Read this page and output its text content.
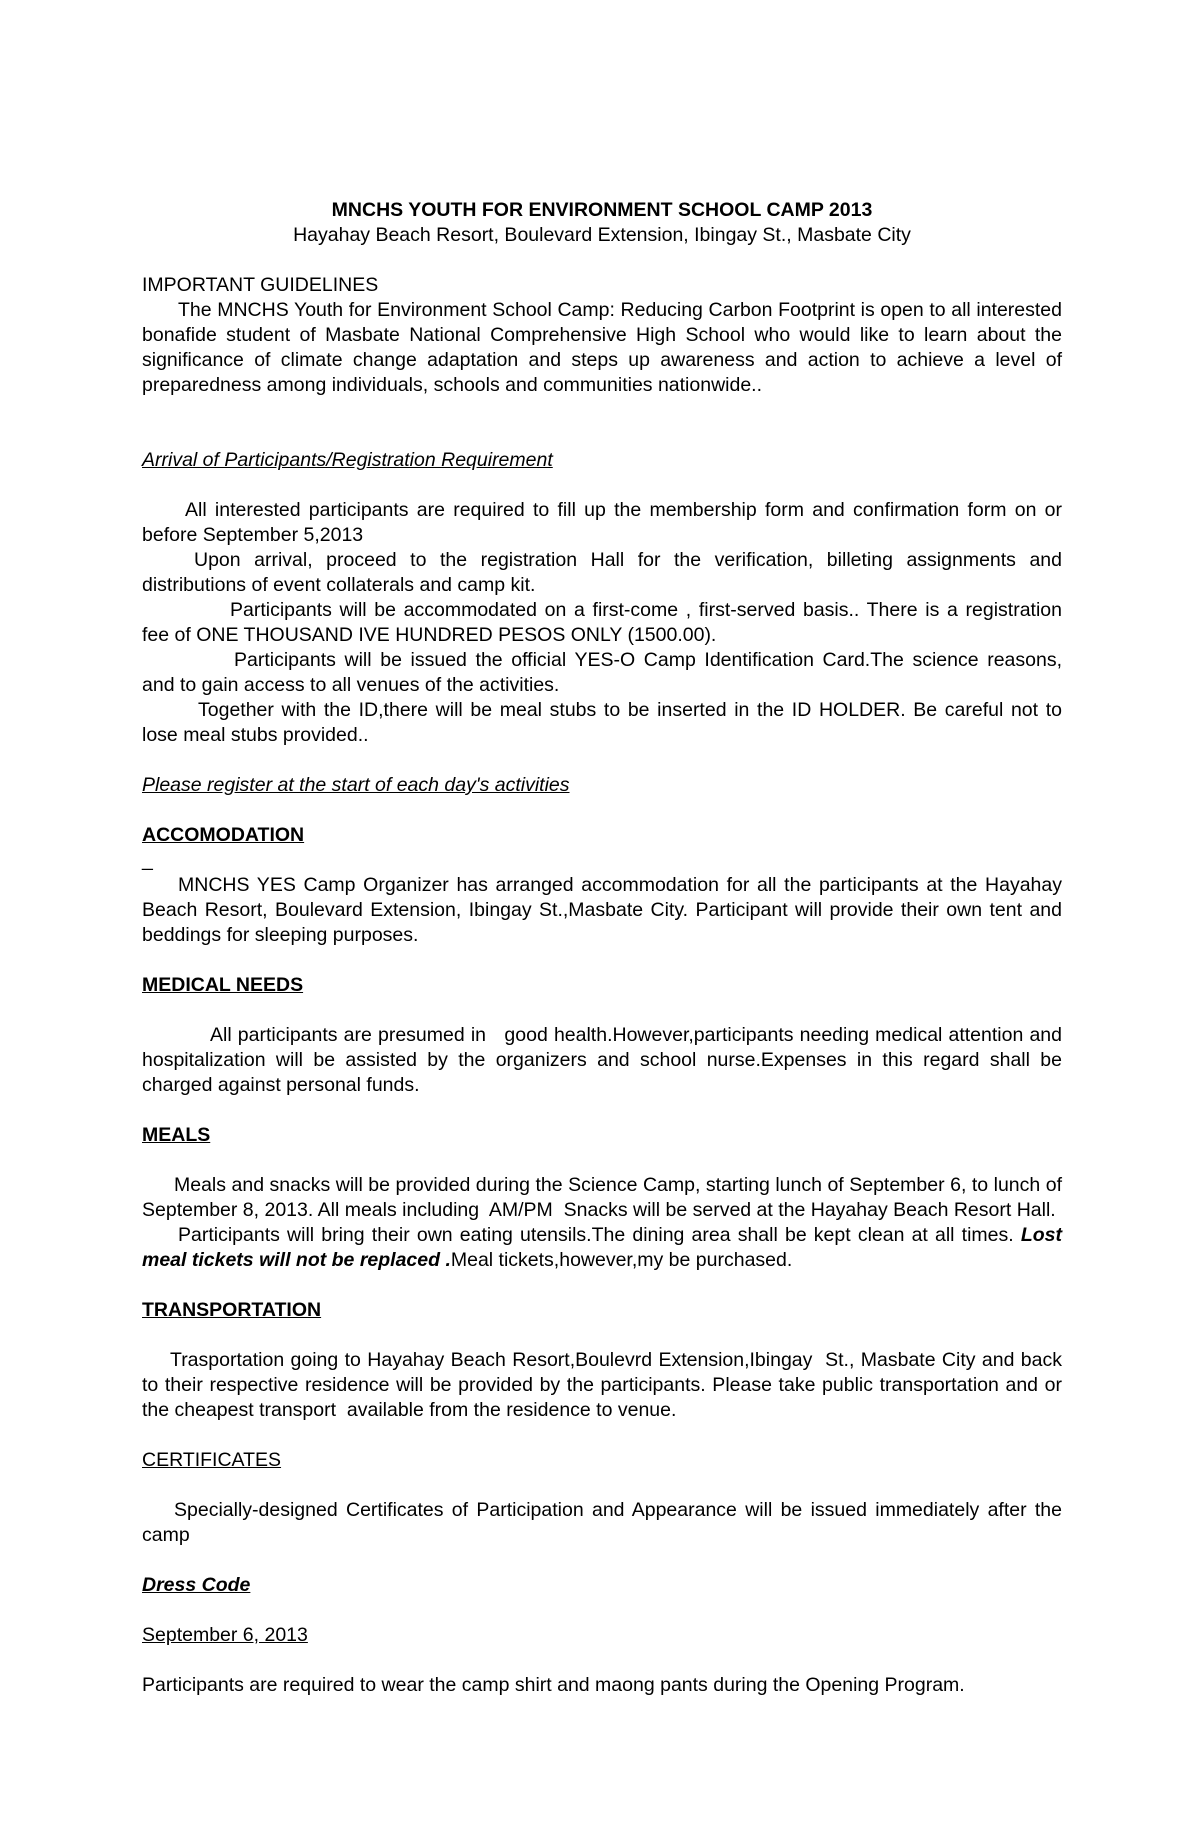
MNCHS YOUTH FOR ENVIRONMENT SCHOOL CAMP 2013

Hayahay Beach Resort, Boulevard Extension, Ibingay St., Masbate City

IMPORTANT GUIDELINES

The MNCHS Youth for Environment School Camp: Reducing Carbon Footprint is open to all interested bonafide student of Masbate National Comprehensive High School who would like to learn about the significance of climate change adaptation and steps up awareness and action to achieve a level of preparedness among individuals, schools and communities nationwide..

Arrival of Participants/Registration Requirement

All interested participants are required to fill up the membership form and confirmation form on or before September 5,2013

Upon arrival, proceed to the registration Hall for the verification, billeting assignments and distributions of event collaterals and camp kit.

Participants will be accommodated on a first-come , first-served basis.. There is a registration fee of ONE THOUSAND IVE HUNDRED PESOS ONLY (1500.00).

Participants will be issued the official YES-O Camp Identification Card.The science reasons, and to gain access to all venues of the activities.

Together with the ID,there will be meal stubs to be inserted in the ID HOLDER. Be careful not to lose meal stubs provided..

Please register at the start of each day's activities

ACCOMODATION

_

MNCHS YES Camp Organizer has arranged accommodation for all the participants at the Hayahay Beach Resort, Boulevard Extension, Ibingay St.,Masbate City. Participant will provide their own tent and beddings for sleeping purposes.

MEDICAL NEEDS

All participants are presumed in   good health.However,participants needing medical attention and hospitalization will be assisted by the organizers and school nurse.Expenses in this regard shall be charged against personal funds.

MEALS

Meals and snacks will be provided during the Science Camp, starting lunch of September 6, to lunch of September 8, 2013. All meals including  AM/PM  Snacks will be served at the Hayahay Beach Resort Hall.

Participants will bring their own eating utensils.The dining area shall be kept clean at all times. Lost meal tickets will not be replaced .Meal tickets,however,my be purchased.

TRANSPORTATION

Trasportation going to Hayahay Beach Resort,Boulevrd Extension,Ibingay  St., Masbate City and back to their respective residence will be provided by the participants. Please take public transportation and or the cheapest transport  available from the residence to venue.

CERTIFICATES

Specially-designed Certificates of Participation and Appearance will be issued immediately after the camp

Dress Code

September 6, 2013

Participants are required to wear the camp shirt and maong pants during the Opening Program.
